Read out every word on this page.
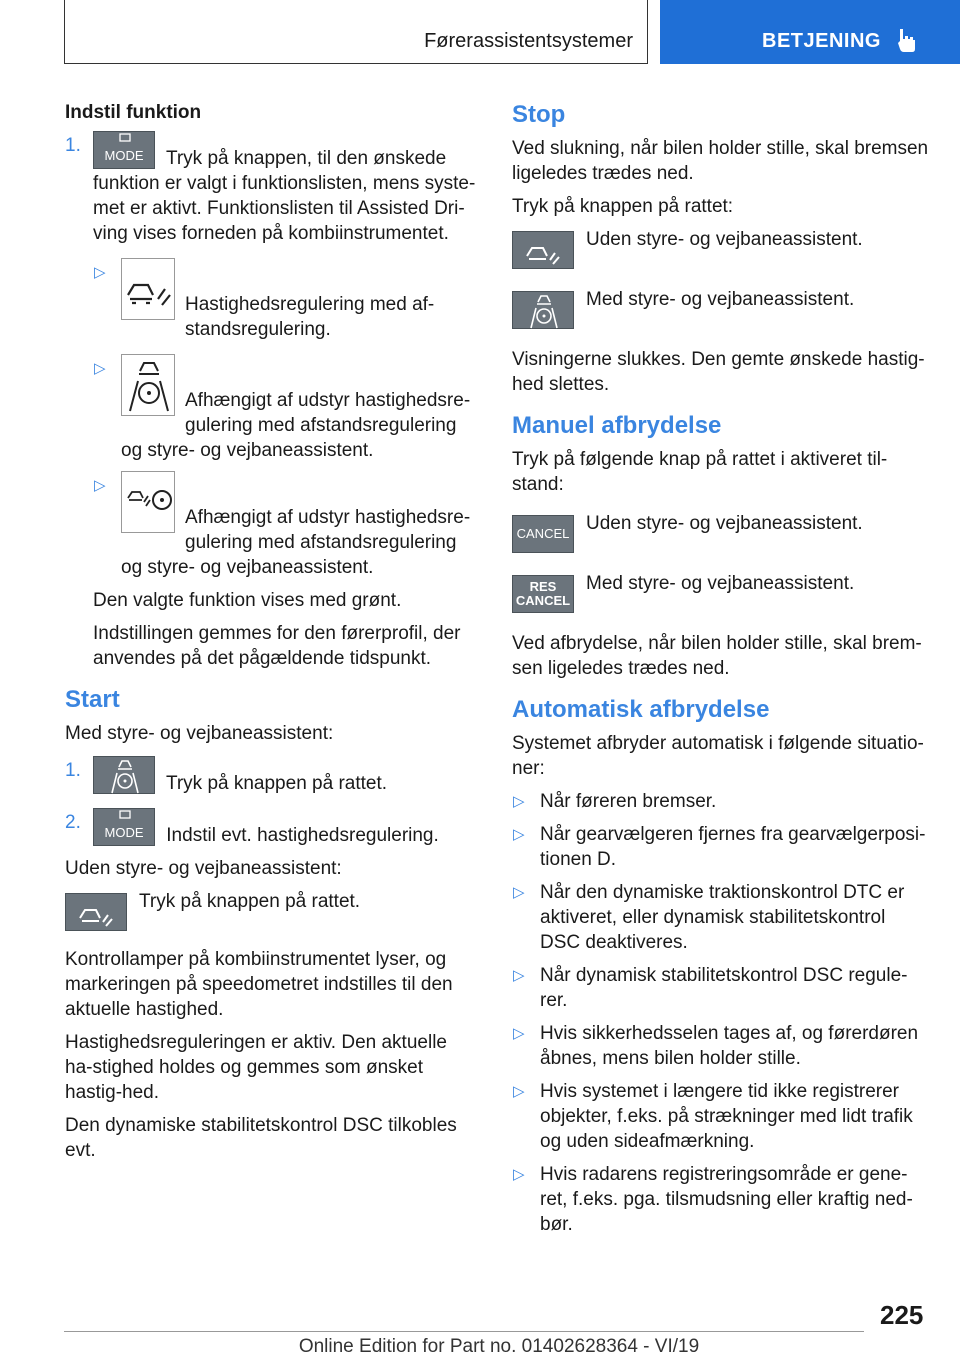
Førerassistentsystemer	BETJENING

Indstil funktion

1. MODE Tryk på knappen, til den ønskede funktion er valgt i funktionslisten, mens syste-met er aktivt. Funktionslisten til Assisted Dri-ving vises forneden på kombiinstrumentet.
▷
Hastighedsregulering med af-standsregulering.
▷
Afhængigt af udstyr hastighedsre-gulering med afstandsregulering og styre- og vejbaneassistent.
▷
Afhængigt af udstyr hastighedsre-gulering med afstandsregulering og styre- og vejbaneassistent.

Den valgte funktion vises med grønt.

Indstillingen gemmes for den førerprofil, der anvendes på det pågældende tidspunkt.

Start

Med styre- og vejbaneassistent:

1.
Tryk på knappen på rattet.
2. MODE Indstil evt. hastighedsregulering.

Uden styre- og vejbaneassistent:

Tryk på knappen på rattet.

Kontrollamper på kombiinstrumentet lyser, og markeringen på speedometret indstilles til den aktuelle hastighed.

Hastighedsreguleringen er aktiv. Den aktuelle ha-stighed holdes og gemmes som ønsket hastig-hed.

Den dynamiske stabilitetskontrol DSC tilkobles evt.

Stop

Ved slukning, når bilen holder stille, skal bremsen ligeledes trædes ned.

Tryk på knappen på rattet:

Uden styre- og vejbaneassistent.
Med styre- og vejbaneassistent.

Visningerne slukkes. Den gemte ønskede hastig-hed slettes.

Manuel afbrydelse

Tryk på følgende knap på rattet i aktiveret til-stand:

CANCEL Uden styre- og vejbaneassistent.
RES
CANCEL
Med styre- og vejbaneassistent.

Ved afbrydelse, når bilen holder stille, skal brem-sen ligeledes trædes ned.

Automatisk afbrydelse

Systemet afbryder automatisk i følgende situatio-ner:

▷ Når føreren bremser.
▷ Når gearvælgeren fjernes fra gearvælgerposi-tionen D.
▷ Når den dynamiske traktionskontrol DTC er aktiveret, eller dynamisk stabilitetskontrol DSC deaktiveres.
▷ Når dynamisk stabilitetskontrol DSC regule-rer.
▷ Hvis sikkerhedsselen tages af, og førerdøren åbnes, mens bilen holder stille.
▷ Hvis systemet i længere tid ikke registrerer objekter, f.eks. på strækninger med lidt trafik og uden sideafmærkning.
▷ Hvis radarens registreringsområde er gene-ret, f.eks. pga. tilsmudsning eller kraftig ned-bør.
225
Online Edition for Part no. 01402628364 - VI/19
